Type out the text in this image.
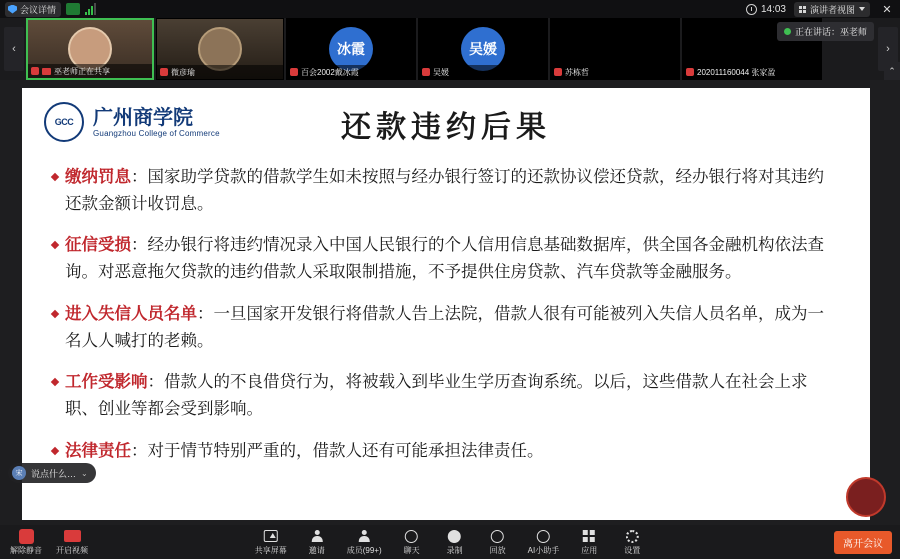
会议详情	14:03	演讲者视图	✕
‹
巫老师正在共享	微彦瑜
冰霞
百会2002戴冰霞
吴媛
吴媛	苏栋哲	202011160044 张家盈
正在讲话：巫老师
›
⌃
GCC 广州商学院
Guangzhou College of Commerce	还款违约后果
缴纳罚息：国家助学贷款的借款学生如未按照与经办银行签订的还款协议偿还贷款，经办银行将对其违约还款金额计收罚息。
征信受损：经办银行将违约情况录入中国人民银行的个人信用信息基础数据库，供全国各金融机构依法查询。对恶意拖欠贷款的违约借款人采取限制措施，不予提供住房贷款、汽车贷款等金融服务。
进入失信人员名单：一旦国家开发银行将借款人告上法院，借款人很有可能被列入失信人员名单，成为一名人人喊打的老赖。
工作受影响：借款人的不良借贷行为，将被载入到毕业生学历查询系统。以后，这些借款人在社会上求职、创业等都会受到影响。
法律责任：对于情节特别严重的，借款人还有可能承担法律责任。
宋 说点什么… ⌄
解除静音 开启视频	共享屏幕	邀请	成员(99+)	聊天	录制	回放	AI小助手	应用	设置
离开会议
